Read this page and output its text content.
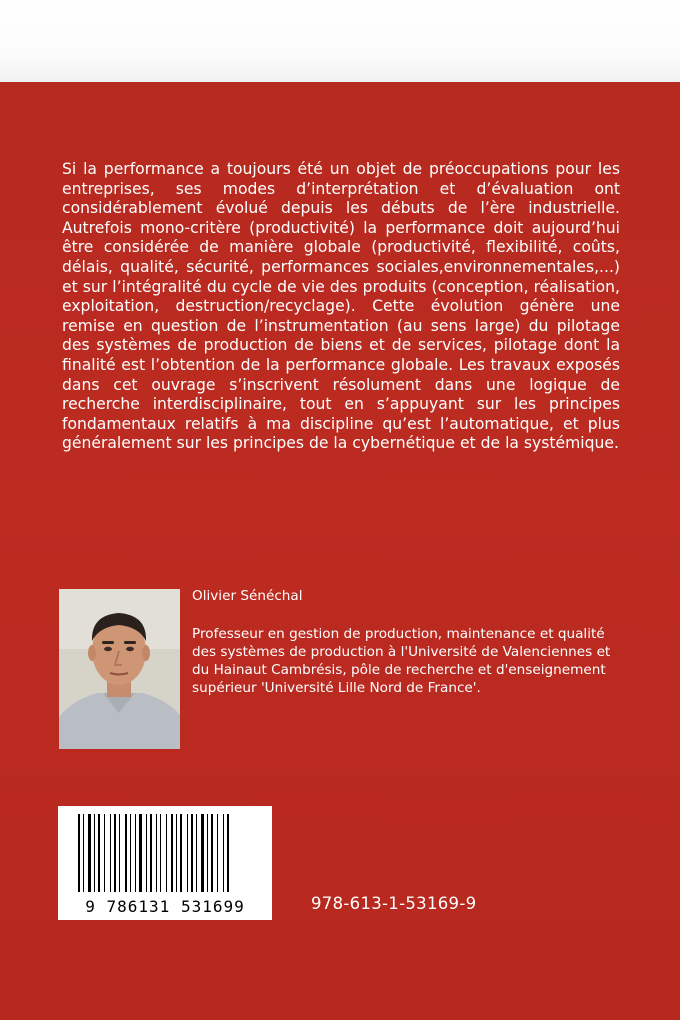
Si la performance a toujours été un objet de préoccupations pour les entreprises, ses modes d’interprétation et d’évaluation ont considérablement évolué depuis les débuts de l’ère industrielle. Autrefois mono-critère (productivité) la performance doit aujourd’hui être considérée de manière globale (productivité, flexibilité, coûts, délais, qualité, sécurité, performances sociales,environnementales,...) et sur l’intégralité du cycle de vie des produits (conception, réalisation, exploitation, destruction/recyclage). Cette évolution génère une remise en question de l’instrumentation (au sens large) du pilotage des systèmes de production de biens et de services, pilotage dont la finalité est l’obtention de la performance globale. Les travaux exposés dans cet ouvrage s’inscrivent résolument dans une logique de recherche interdisciplinaire, tout en s’appuyant sur les principes fondamentaux relatifs à ma discipline qu’est l’automatique, et plus généralement sur les principes de la cybernétique et de la systémique.

Olivier Sénéchal

Professeur en gestion de production, maintenance et qualité des systèmes de production à l'Université de Valenciennes et du Hainaut Cambrésis, pôle de recherche et d'enseignement supérieur 'Université Lille Nord de France'.

9 786131 531699	978-613-1-53169-9
